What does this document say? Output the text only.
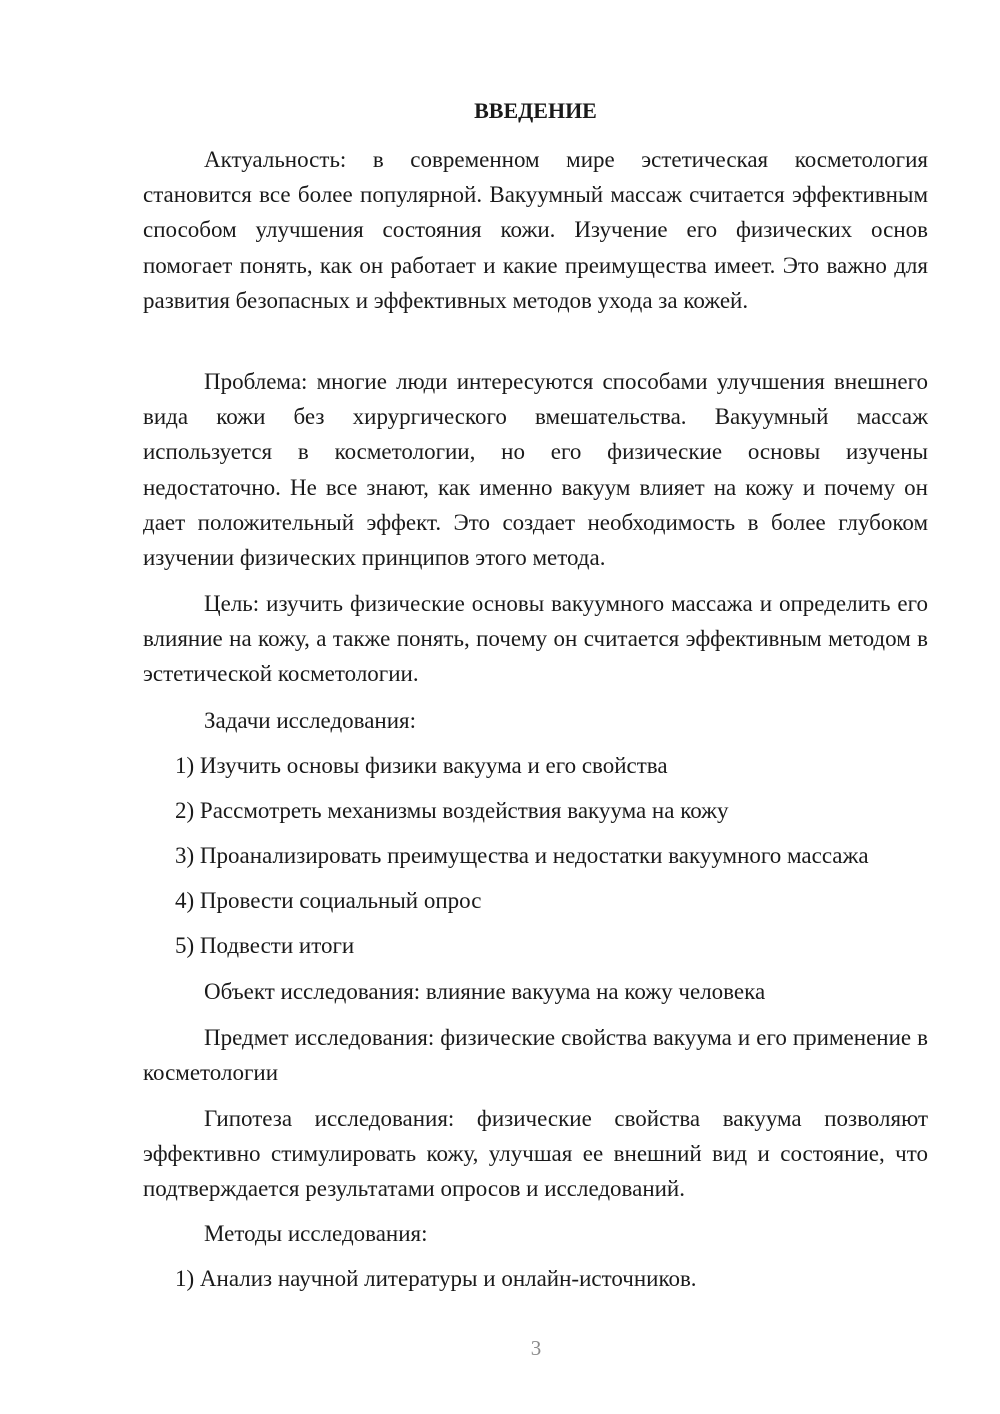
ВВЕДЕНИЕ

Актуальность: в современном мире эстетическая косметология становится все более популярной. Вакуумный массаж считается эффективным способом улучшения состояния кожи. Изучение его физических основ помогает понять, как он работает и какие преимущества имеет. Это важно для развития безопасных и эффективных методов ухода за кожей.

Проблема: многие люди интересуются способами улучшения внешнего вида кожи без хирургического вмешательства. Вакуумный массаж используется в косметологии, но его физические основы изучены недостаточно. Не все знают, как именно вакуум влияет на кожу и почему он дает положительный эффект. Это создает необходимость в более глубоком изучении физических принципов этого метода.

Цель: изучить физические основы вакуумного массажа и определить его влияние на кожу, а также понять, почему он считается эффективным методом в эстетической косметологии.

Задачи исследования:

1) Изучить основы физики вакуума и его свойства

2) Рассмотреть механизмы воздействия вакуума на кожу

3) Проанализировать преимущества и недостатки вакуумного массажа

4) Провести социальный опрос

5) Подвести итоги

Объект исследования: влияние вакуума на кожу человека

Предмет исследования: физические свойства вакуума и его применение в косметологии

Гипотеза исследования: физические свойства вакуума позволяют эффективно стимулировать кожу, улучшая ее внешний вид и состояние, что подтверждается результатами опросов и исследований.

Методы исследования:

1) Анализ научной литературы и онлайн-источников.

3
